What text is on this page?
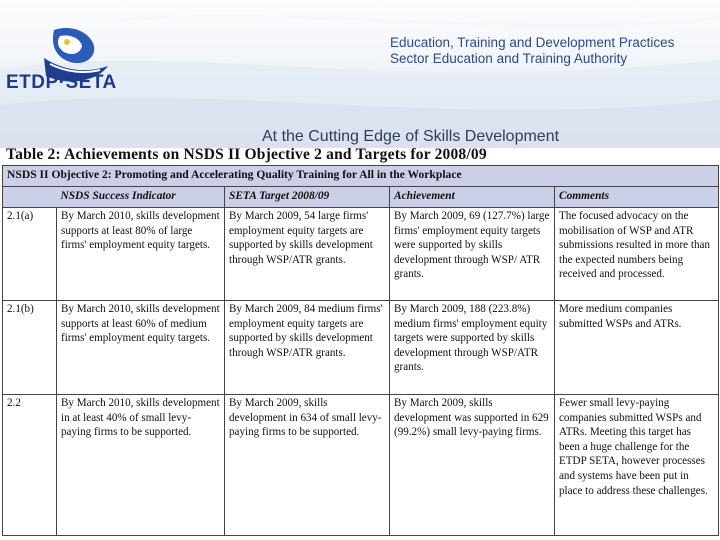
ETDP·SETA
Education, Training and Development Practices
Sector Education and Training Authority
At the Cutting Edge of Skills Development
Table 2: Achievements on NSDS II Objective 2 and Targets for 2008/09
NSDS II Objective 2: Promoting and Accelerating Quality Training for All in the Workplace				
	NSDS Success Indicator	SETA Target 2008/09	Achievement	Comments
2.1(a)	By March 2010, skills development supports at least 80% of large firms' employment equity targets.	By March 2009, 54 large firms' employment equity targets are supported by skills development through WSP/ATR grants.	By March 2009, 69 (127.7%) large firms' employment equity targets were supported by skills development through WSP/ ATR grants.	The focused advocacy on the mobilisation of WSP and ATR submissions resulted in more than the expected numbers being received and processed.
2.1(b)	By March 2010, skills development supports at least 60% of medium firms' employment equity targets.	By March 2009, 84 medium firms' employment equity targets are supported by skills development through WSP/ATR grants.	By March 2009, 188 (223.8%) medium firms' employment equity targets were supported by skills development through WSP/ATR grants.	More medium companies submitted WSPs and ATRs.
2.2	By March 2010, skills development in at least 40% of small levy-paying firms to be supported.	By March 2009, skills development in 634 of small levy-paying firms to be supported.	By March 2009, skills development was supported in 629 (99.2%) small levy-paying firms.	Fewer small levy-paying companies submitted WSPs and ATRs. Meeting this target has been a huge challenge for the ETDP SETA, however processes and systems have been put in place to address these challenges.
